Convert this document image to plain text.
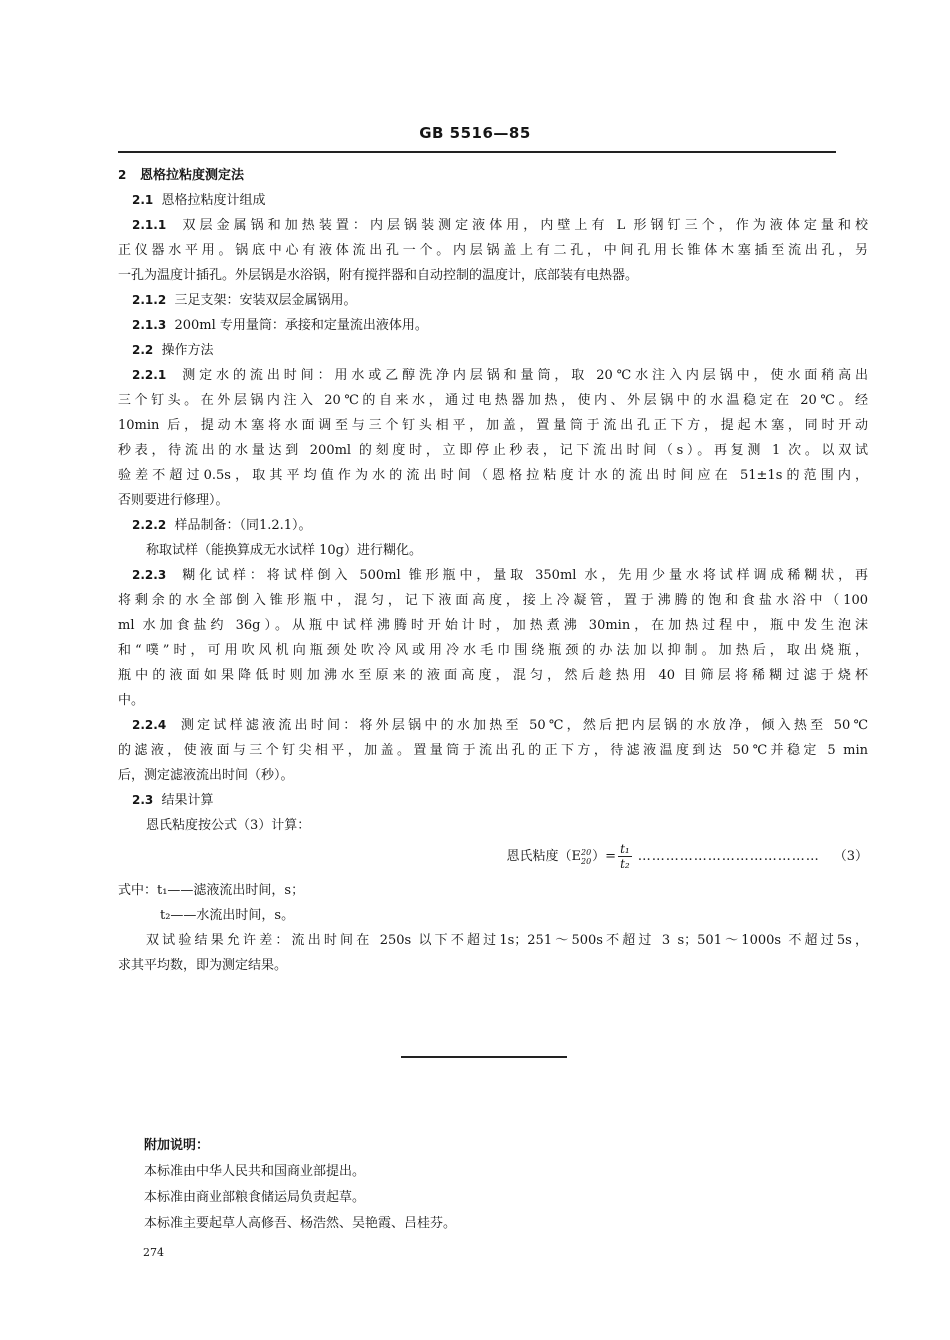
GB 5516—85
2 恩格拉粘度测定法
2.1 恩格拉粘度计组成
2.1.1 双层金属锅和加热装置：内层锅装测定液体用，内壁上有 L 形钢钉三个，作为液体定量和校
正仪器水平用。锅底中心有液体流出孔一个。内层锅盖上有二孔，中间孔用长锥体木塞插至流出孔，另
一孔为温度计插孔。外层锅是水浴锅，附有搅拌器和自动控制的温度计，底部装有电热器。
2.1.2 三足支架：安装双层金属锅用。
2.1.3 200ml 专用量筒：承接和定量流出液体用。
2.2 操作方法
2.2.1 测定水的流出时间：用水或乙醇洗净内层锅和量筒，取 20℃水注入内层锅中，使水面稍高出
三个钉头。在外层锅内注入 20℃的自来水，通过电热器加热，使内、外层锅中的水温稳定在 20℃。经
10min 后，提动木塞将水面调至与三个钉头相平，加盖，置量筒于流出孔正下方，提起木塞，同时开动
秒表，待流出的水量达到 200ml 的刻度时，立即停止秒表，记下流出时间（s）。再复测 1 次。以双试
验差不超过0.5s，取其平均值作为水的流出时间（恩格拉粘度计水的流出时间应在 51±1s的范围内，
否则要进行修理）。
2.2.2 样品制备：（同1.2.1）。
称取试样（能换算成无水试样 10g）进行糊化。
2.2.3 糊化试样：将试样倒入 500ml 锥形瓶中，量取 350ml 水，先用少量水将试样调成稀糊状，再
将剩余的水全部倒入锥形瓶中，混匀，记下液面高度，接上冷凝管，置于沸腾的饱和食盐水浴中（100
ml 水加食盐约 36g）。从瓶中试样沸腾时开始计时，加热煮沸 30min，在加热过程中，瓶中发生泡沫
和“噗”时，可用吹风机向瓶颈处吹冷风或用冷水毛巾围绕瓶颈的办法加以抑制。加热后，取出烧瓶，
瓶中的液面如果降低时则加沸水至原来的液面高度，混匀，然后趁热用 40 目筛层将稀糊过滤于烧杯
中。
2.2.4 测定试样滤液流出时间：将外层锅中的水加热至 50℃，然后把内层锅的水放净，倾入热至 50℃
的滤液，使液面与三个钉尖相平，加盖。置量筒于流出孔的正下方，待滤液温度到达 50℃并稳定 5 min
后，测定滤液流出时间（秒）。
2.3 结果计算
恩氏粘度按公式（3）计算：
恩氏粘度（E 20
20 ）= $\frac{\text{t₁}}{\text{t₂}}$ ………………………………… （3）
式中：t₁——滤液流出时间，s；
t₂——水流出时间，s。
双试验结果允许差：流出时间在 250s 以下不超过1s；251～500s不超过 3 s；501～1000s 不超过5s，
求其平均数，即为测定结果。
附加说明：
本标准由中华人民共和国商业部提出。
本标准由商业部粮食储运局负责起草。
本标准主要起草人高修吾、杨浩然、吴艳霞、吕桂芬。
274
